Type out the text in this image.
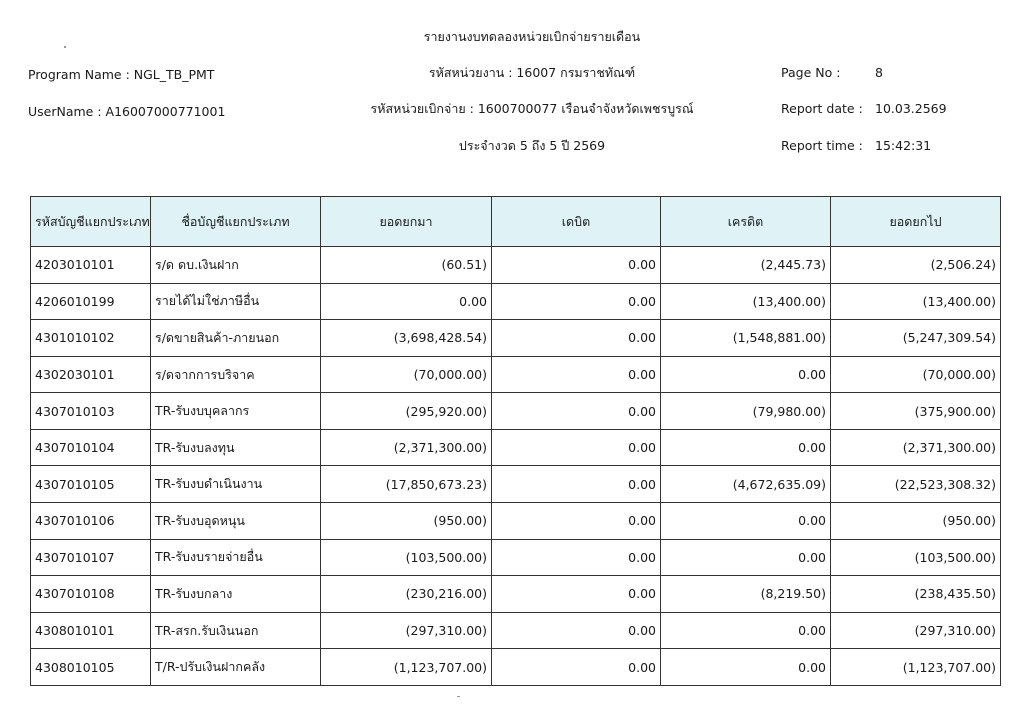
รายงานงบทดลองหน่วยเบิกจ่ายรายเดือน
Program Name : NGL_TB_PMT	รหัสหน่วยงาน : 16007 กรมราชทัณฑ์	Page No :	8
UserName : A16007000771001	รหัสหน่วยเบิกจ่าย : 1600700077 เรือนจำจังหวัดเพชรบูรณ์	Report date : 10.03.2569
ประจำงวด 5 ถึง 5 ปี 2569	Report time : 15:42:31
รหัสบัญชีแยกประเภท	ชื่อบัญชีแยกประเภท	ยอดยกมา	เดบิต	เครดิต	ยอดยกไป
4203010101	ร/ด ดบ.เงินฝาก	(60.51)	0.00	(2,445.73)	(2,506.24)
4206010199	รายได้ไม่ใช่ภาษีอื่น	0.00	0.00	(13,400.00)	(13,400.00)
4301010102	ร/ดขายสินค้า-ภายนอก	(3,698,428.54)	0.00	(1,548,881.00)	(5,247,309.54)
4302030101	ร/ดจากการบริจาค	(70,000.00)	0.00	0.00	(70,000.00)
4307010103	TR-รับงบบุคลากร	(295,920.00)	0.00	(79,980.00)	(375,900.00)
4307010104	TR-รับงบลงทุน	(2,371,300.00)	0.00	0.00	(2,371,300.00)
4307010105	TR-รับงบดำเนินงาน	(17,850,673.23)	0.00	(4,672,635.09)	(22,523,308.32)
4307010106	TR-รับงบอุดหนุน	(950.00)	0.00	0.00	(950.00)
4307010107	TR-รับงบรายจ่ายอื่น	(103,500.00)	0.00	0.00	(103,500.00)
4307010108	TR-รับงบกลาง	(230,216.00)	0.00	(8,219.50)	(238,435.50)
4308010101	TR-สรก.รับเงินนอก	(297,310.00)	0.00	0.00	(297,310.00)
4308010105	T/R-ปรับเงินฝากคลัง	(1,123,707.00)	0.00	0.00	(1,123,707.00)
